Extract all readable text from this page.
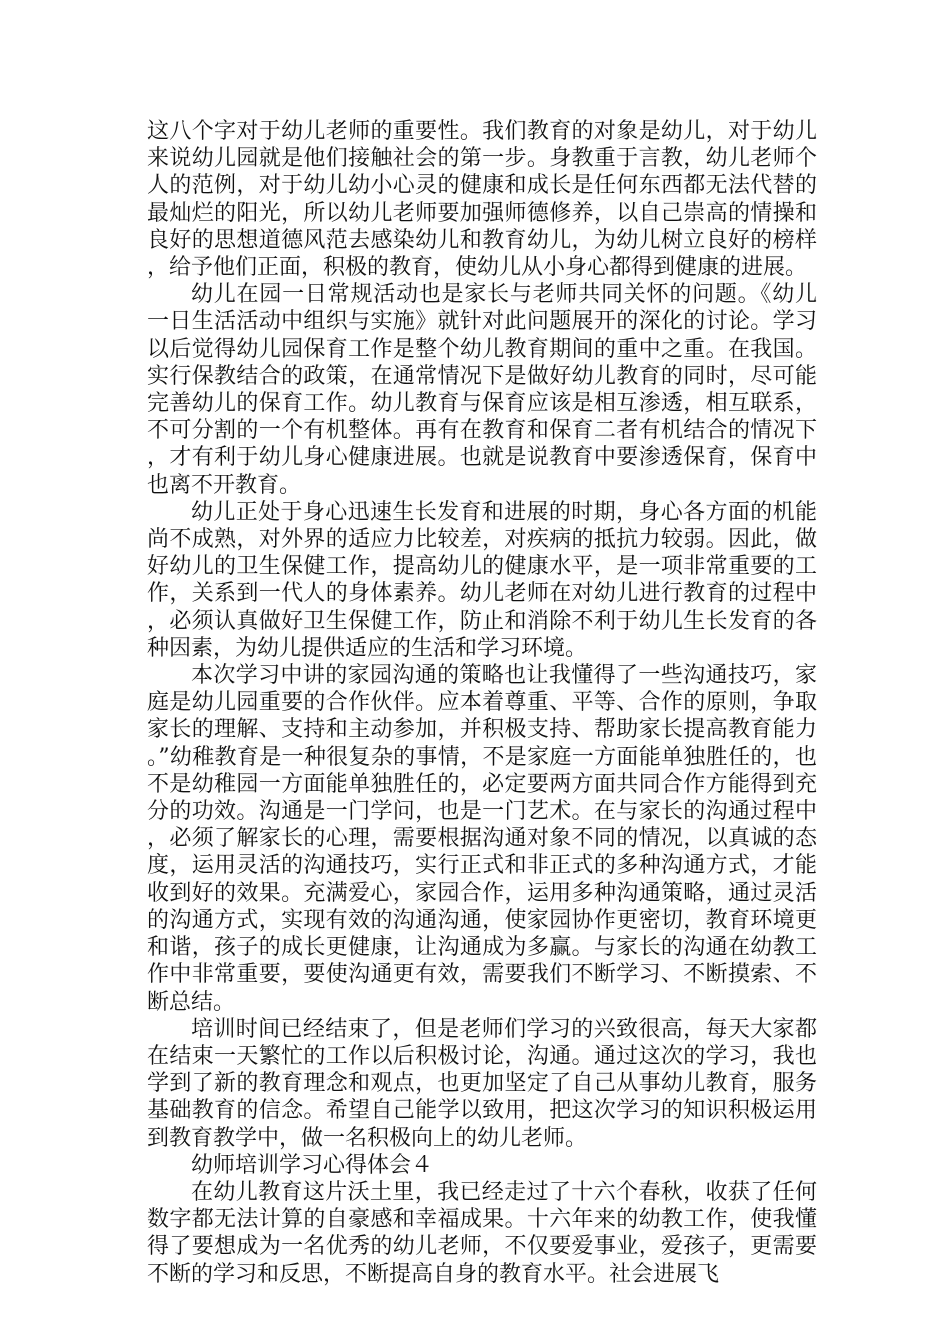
这八个字对于幼儿老师的重要性。我们教育的对象是幼儿，对于幼儿来说幼儿园就是他们接触社会的第一步。身教重于言教，幼儿老师个人的范例，对于幼儿幼小心灵的健康和成长是任何东西都无法代替的最灿烂的阳光，所以幼儿老师要加强师德修养，以自己崇高的情操和良好的思想道德风范去感染幼儿和教育幼儿，为幼儿树立良好的榜样，给予他们正面，积极的教育，使幼儿从小身心都得到健康的进展。

幼儿在园一日常规活动也是家长与老师共同关怀的问题。《幼儿一日生活活动中组织与实施》就针对此问题展开的深化的讨论。学习以后觉得幼儿园保育工作是整个幼儿教育期间的重中之重。在我国。实行保教结合的政策，在通常情况下是做好幼儿教育的同时，尽可能完善幼儿的保育工作。幼儿教育与保育应该是相互渗透，相互联系，不可分割的一个有机整体。再有在教育和保育二者有机结合的情况下，才有利于幼儿身心健康进展。也就是说教育中要渗透保育，保育中也离不开教育。

幼儿正处于身心迅速生长发育和进展的时期，身心各方面的机能尚不成熟，对外界的适应力比较差，对疾病的抵抗力较弱。因此，做好幼儿的卫生保健工作，提高幼儿的健康水平，是一项非常重要的工作，关系到一代人的身体素养。幼儿老师在对幼儿进行教育的过程中，必须认真做好卫生保健工作，防止和消除不利于幼儿生长发育的各种因素，为幼儿提供适应的生活和学习环境。

本次学习中讲的家园沟通的策略也让我懂得了一些沟通技巧，家庭是幼儿园重要的合作伙伴。应本着尊重、平等、合作的原则，争取家长的理解、支持和主动参加，并积极支持、帮助家长提高教育能力。”幼稚教育是一种很复杂的事情，不是家庭一方面能单独胜任的，也不是幼稚园一方面能单独胜任的，必定要两方面共同合作方能得到充分的功效。沟通是一门学问，也是一门艺术。在与家长的沟通过程中，必须了解家长的心理，需要根据沟通对象不同的情况，以真诚的态度，运用灵活的沟通技巧，实行正式和非正式的多种沟通方式，才能收到好的效果。充满爱心，家园合作，运用多种沟通策略，通过灵活的沟通方式，实现有效的沟通沟通，使家园协作更密切，教育环境更和谐，孩子的成长更健康，让沟通成为多赢。与家长的沟通在幼教工作中非常重要，要使沟通更有效，需要我们不断学习、不断摸索、不断总结。

培训时间已经结束了，但是老师们学习的兴致很高，每天大家都在结束一天繁忙的工作以后积极讨论，沟通。通过这次的学习，我也学到了新的教育理念和观点，也更加坚定了自己从事幼儿教育，服务基础教育的信念。希望自己能学以致用，把这次学习的知识积极运用到教育教学中，做一名积极向上的幼儿老师。

幼师培训学习心得体会４

在幼儿教育这片沃土里，我已经走过了十六个春秋，收获了任何数字都无法计算的自豪感和幸福成果。十六年来的幼教工作，使我懂得了要想成为一名优秀的幼儿老师，不仅要爱事业，爱孩子，更需要不断的学习和反思，不断提高自身的教育水平。社会进展飞
